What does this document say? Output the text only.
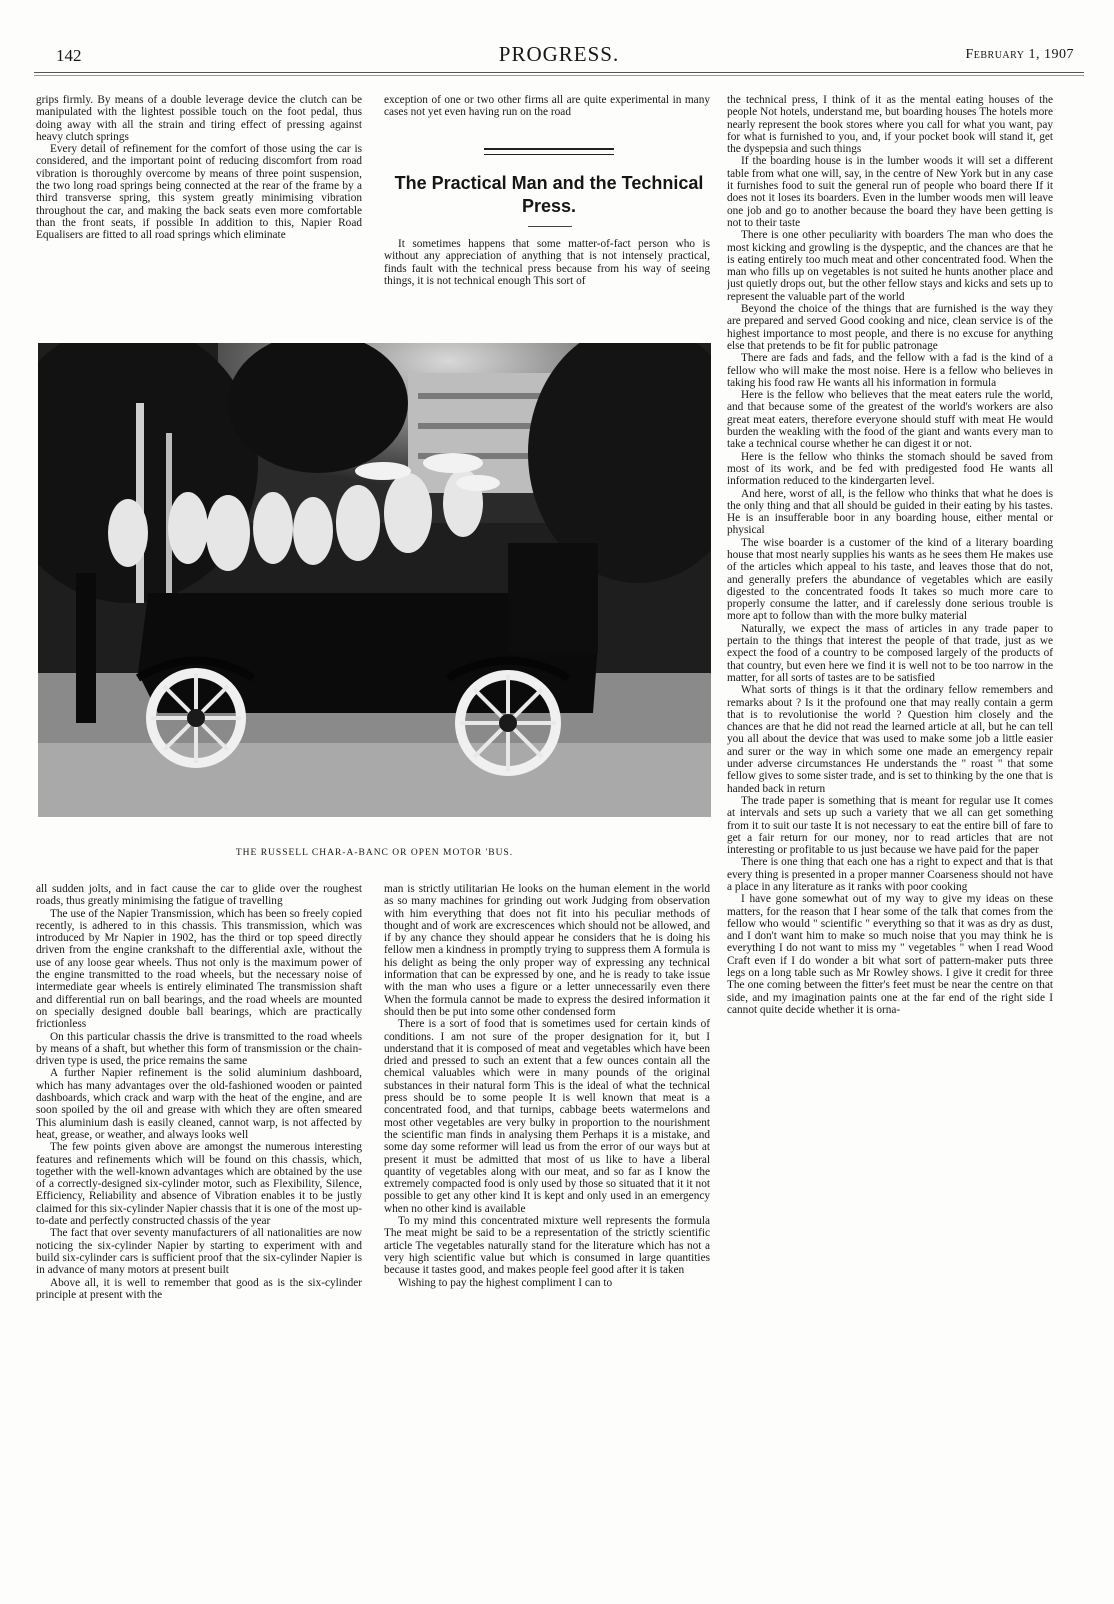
142	PROGRESS.	February 1, 1907

grips firmly. By means of a double leverage device the clutch can be manipulated with the lightest possible touch on the foot pedal, thus doing away with all the strain and tiring effect of pressing against heavy clutch springs

Every detail of refinement for the comfort of those using the car is considered, and the important point of reducing discomfort from road vibration is thoroughly overcome by means of three point suspension, the two long road springs being connected at the rear of the frame by a third transverse spring, this system greatly minimising vibration throughout the car, and making the back seats even more comfortable than the front seats, if possible In addition to this, Napier Road Equalisers are fitted to all road springs which eliminate

exception of one or two other firms all are quite experimental in many cases not yet even having run on the road

The Practical Man and the Technical Press.

It sometimes happens that some matter-of-fact person who is without any appreciation of anything that is not intensely practical, finds fault with the technical press because from his way of seeing things, it is not technical enough This sort of

THE RUSSELL CHAR-A-BANC OR OPEN MOTOR 'BUS.

all sudden jolts, and in fact cause the car to glide over the roughest roads, thus greatly minimising the fatigue of travelling

The use of the Napier Transmission, which has been so freely copied recently, is adhered to in this chassis. This transmission, which was introduced by Mr Napier in 1902, has the third or top speed directly driven from the engine crankshaft to the differential axle, without the use of any loose gear wheels. Thus not only is the maximum power of the engine transmitted to the road wheels, but the necessary noise of intermediate gear wheels is entirely eliminated The transmission shaft and differential run on ball bearings, and the road wheels are mounted on specially designed double ball bearings, which are practically frictionless

On this particular chassis the drive is transmitted to the road wheels by means of a shaft, but whether this form of transmission or the chain-driven type is used, the price remains the same

A further Napier refinement is the solid aluminium dashboard, which has many advantages over the old-fashioned wooden or painted dashboards, which crack and warp with the heat of the engine, and are soon spoiled by the oil and grease with which they are often smeared This aluminium dash is easily cleaned, cannot warp, is not affected by heat, grease, or weather, and always looks well

The few points given above are amongst the numerous interesting features and refinements which will be found on this chassis, which, together with the well-known advantages which are obtained by the use of a correctly-designed six-cylinder motor, such as Flexibility, Silence, Efficiency, Reliability and absence of Vibration enables it to be justly claimed for this six-cylinder Napier chassis that it is one of the most up-to-date and perfectly constructed chassis of the year

The fact that over seventy manufacturers of all nationalities are now noticing the six-cylinder Napier by starting to experiment with and build six-cylinder cars is sufficient proof that the six-cylinder Napier is in advance of many motors at present built

Above all, it is well to remember that good as is the six-cylinder principle at present with the

man is strictly utilitarian He looks on the human element in the world as so many machines for grinding out work Judging from observation with him everything that does not fit into his peculiar methods of thought and of work are excrescences which should not be allowed, and if by any chance they should appear he considers that he is doing his fellow men a kindness in promptly trying to suppress them A formula is his delight as being the only proper way of expressing any technical information that can be expressed by one, and he is ready to take issue with the man who uses a figure or a letter unnecessarily even there When the formula cannot be made to express the desired information it should then be put into some other condensed form

There is a sort of food that is sometimes used for certain kinds of conditions. I am not sure of the proper designation for it, but I understand that it is composed of meat and vegetables which have been dried and pressed to such an extent that a few ounces contain all the chemical valuables which were in many pounds of the original substances in their natural form This is the ideal of what the technical press should be to some people It is well known that meat is a concentrated food, and that turnips, cabbage beets watermelons and most other vegetables are very bulky in proportion to the nourishment the scientific man finds in analysing them Perhaps it is a mistake, and some day some reformer will lead us from the error of our ways but at present it must be admitted that most of us like to have a liberal quantity of vegetables along with our meat, and so far as I know the extremely compacted food is only used by those so situated that it it not possible to get any other kind It is kept and only used in an emergency when no other kind is available

To my mind this concentrated mixture well represents the formula The meat might be said to be a representation of the strictly scientific article The vegetables naturally stand for the literature which has not a very high scientific value but which is consumed in large quantities because it tastes good, and makes people feel good after it is taken

Wishing to pay the highest compliment I can to

the technical press, I think of it as the mental eating houses of the people Not hotels, understand me, but boarding houses The hotels more nearly represent the book stores where you call for what you want, pay for what is furnished to you, and, if your pocket book will stand it, get the dyspepsia and such things

If the boarding house is in the lumber woods it will set a different table from what one will, say, in the centre of New York but in any case it furnishes food to suit the general run of people who board there If it does not it loses its boarders. Even in the lumber woods men will leave one job and go to another because the board they have been getting is not to their taste

There is one other peculiarity with boarders The man who does the most kicking and growling is the dyspeptic, and the chances are that he is eating entirely too much meat and other concentrated food. When the man who fills up on vegetables is not suited he hunts another place and just quietly drops out, but the other fellow stays and kicks and sets up to represent the valuable part of the world

Beyond the choice of the things that are furnished is the way they are prepared and served Good cooking and nice, clean service is of the highest importance to most people, and there is no excuse for anything else that pretends to be fit for public patronage

There are fads and fads, and the fellow with a fad is the kind of a fellow who will make the most noise. Here is a fellow who believes in taking his food raw He wants all his information in formula

Here is the fellow who believes that the meat eaters rule the world, and that because some of the greatest of the world's workers are also great meat eaters, therefore everyone should stuff with meat He would burden the weakling with the food of the giant and wants every man to take a technical course whether he can digest it or not.

Here is the fellow who thinks the stomach should be saved from most of its work, and be fed with predigested food He wants all information reduced to the kindergarten level.

And here, worst of all, is the fellow who thinks that what he does is the only thing and that all should be guided in their eating by his tastes. He is an insufferable boor in any boarding house, either mental or physical

The wise boarder is a customer of the kind of a literary boarding house that most nearly supplies his wants as he sees them He makes use of the articles which appeal to his taste, and leaves those that do not, and generally prefers the abundance of vegetables which are easily digested to the concentrated foods It takes so much more care to properly consume the latter, and if carelessly done serious trouble is more apt to follow than with the more bulky material

Naturally, we expect the mass of articles in any trade paper to pertain to the things that interest the people of that trade, just as we expect the food of a country to be composed largely of the products of that country, but even here we find it is well not to be too narrow in the matter, for all sorts of tastes are to be satisfied

What sorts of things is it that the ordinary fellow remembers and remarks about ? Is it the profound one that may really contain a germ that is to revolutionise the world ? Question him closely and the chances are that he did not read the learned article at all, but he can tell you all about the device that was used to make some job a little easier and surer or the way in which some one made an emergency repair under adverse circumstances He understands the " roast " that some fellow gives to some sister trade, and is set to thinking by the one that is handed back in return

The trade paper is something that is meant for regular use It comes at intervals and sets up such a variety that we all can get something from it to suit our taste It is not necessary to eat the entire bill of fare to get a fair return for our money, nor to read articles that are not interesting or profitable to us just because we have paid for the paper

There is one thing that each one has a right to expect and that is that every thing is presented in a proper manner Coarseness should not have a place in any literature as it ranks with poor cooking

I have gone somewhat out of my way to give my ideas on these matters, for the reason that I hear some of the talk that comes from the fellow who would " scientific " everything so that it was as dry as dust, and I don't want him to make so much noise that you may think he is everything I do not want to miss my " vegetables " when I read Wood Craft even if I do wonder a bit what sort of pattern-maker puts three legs on a long table such as Mr Rowley shows. I give it credit for three The one coming between the fitter's feet must be near the centre on that side, and my imagination paints one at the far end of the right side I cannot quite decide whether it is orna-
